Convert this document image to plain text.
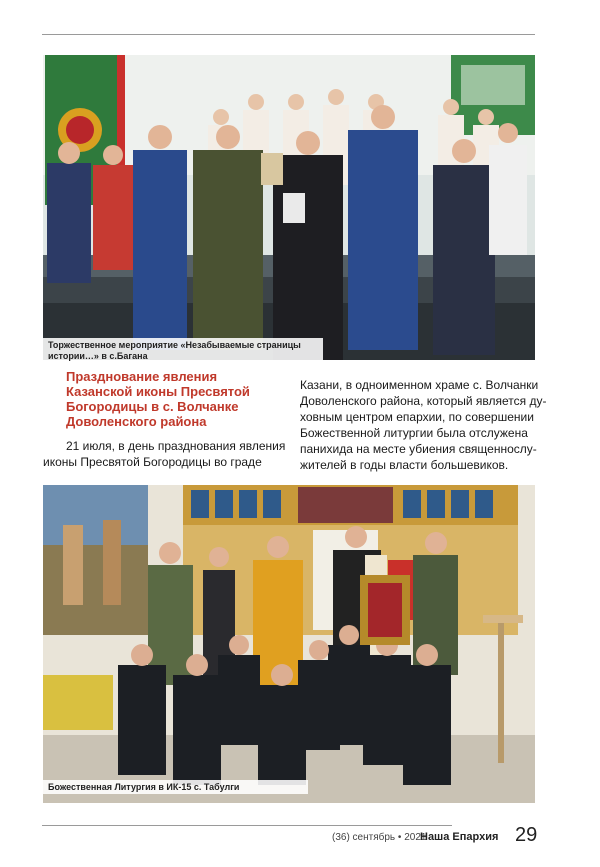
Торжественное мероприятие «Незабываемые страницы истории…» в с.Багана
Празднование явления
Казанской иконы Пресвятой
Богородицы в с. Волчанке
Доволенского района
21 июля, в день празднования явления
иконы Пресвятой Богородицы во граде
Казани, в одноименном храме с. Волчанки
Доволенского района, который является ду-
ховным центром епархии, по совершении
Божественной литургии была отслужена
панихида на месте убиения священнослу-
жителей в годы власти большевиков.
Божественная Литургия в ИК-15 с. Табулги
(36) сентябрь • 2021
Наша Епархия 29
